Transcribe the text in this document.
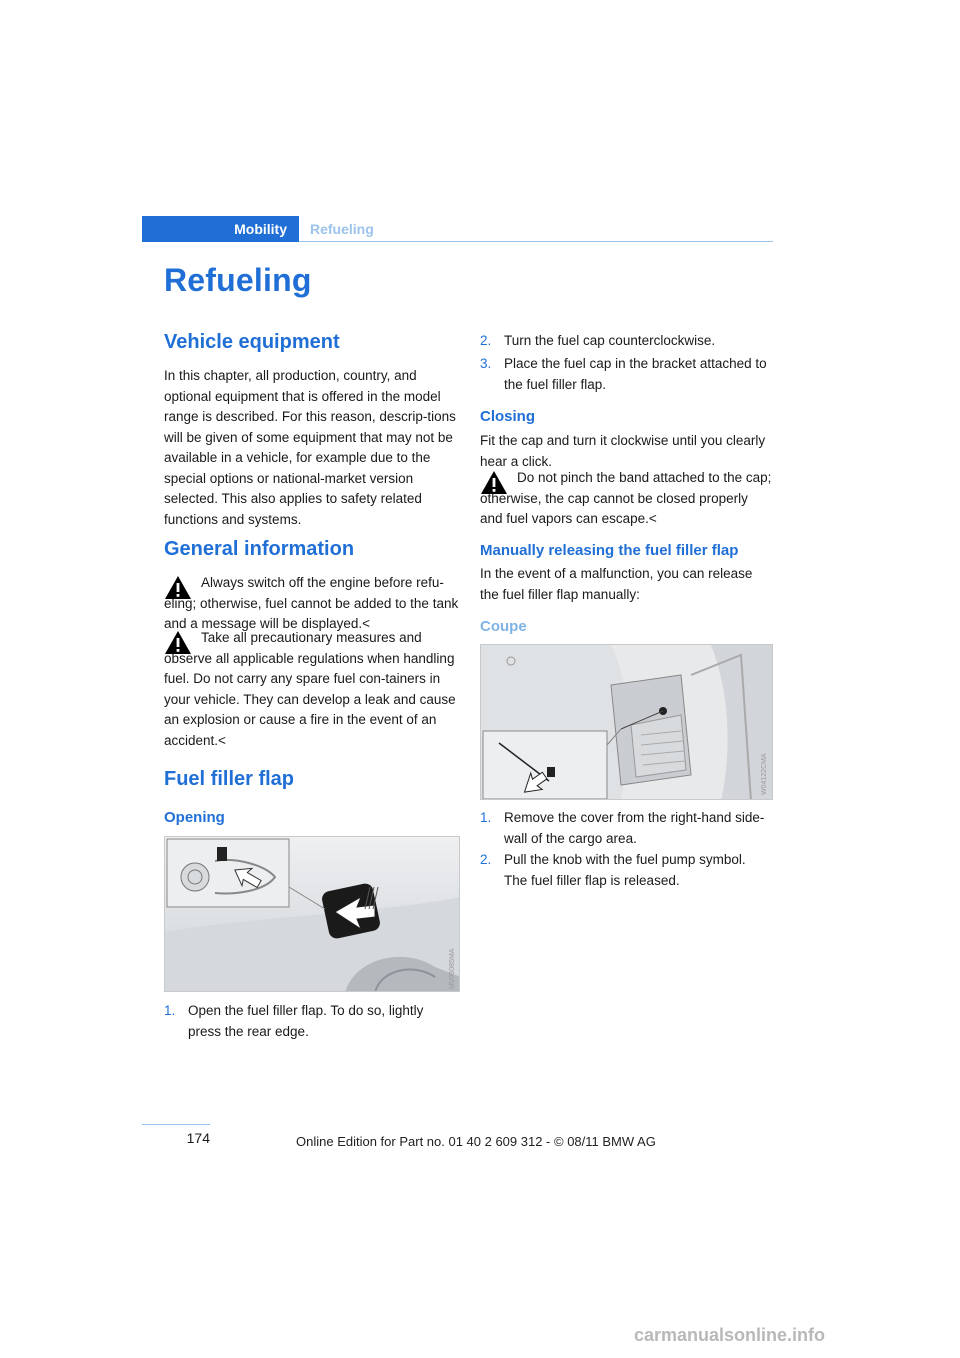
Mobility	Refueling
Refueling
Vehicle equipment

In this chapter, all production, country, and optional equipment that is offered in the model range is described. For this reason, descrip-tions will be given of some equipment that may not be available in a vehicle, for example due to the special options or national-market version selected. This also applies to safety related functions and systems.

General information

Always switch off the engine before refu-eling; otherwise, fuel cannot be added to the tank and a message will be displayed.<

Take all precautionary measures and observe all applicable regulations when handling fuel. Do not carry any spare fuel con-tainers in your vehicle. They can develop a leak and cause an explosion or cause a fire in the event of an accident.<

Fuel filler flap
Opening
MV05085MA
1. Open the fuel filler flap. To do so, lightly press the rear edge.
2. Turn the fuel cap counterclockwise.
3. Place the fuel cap in the bracket attached to the fuel filler flap.
Closing

Fit the cap and turn it clockwise until you clearly hear a click.

Do not pinch the band attached to the cap; otherwise, the cap cannot be closed properly and fuel vapors can escape.<

Manually releasing the fuel filler flap

In the event of a malfunction, you can release the fuel filler flap manually:

Coupe
W04122CMA
1. Remove the cover from the right-hand side-wall of the cargo area.
2. Pull the knob with the fuel pump symbol. The fuel filler flap is released.
174	Online Edition for Part no. 01 40 2 609 312 - © 08/11 BMW AG
carmanualsonline.info
